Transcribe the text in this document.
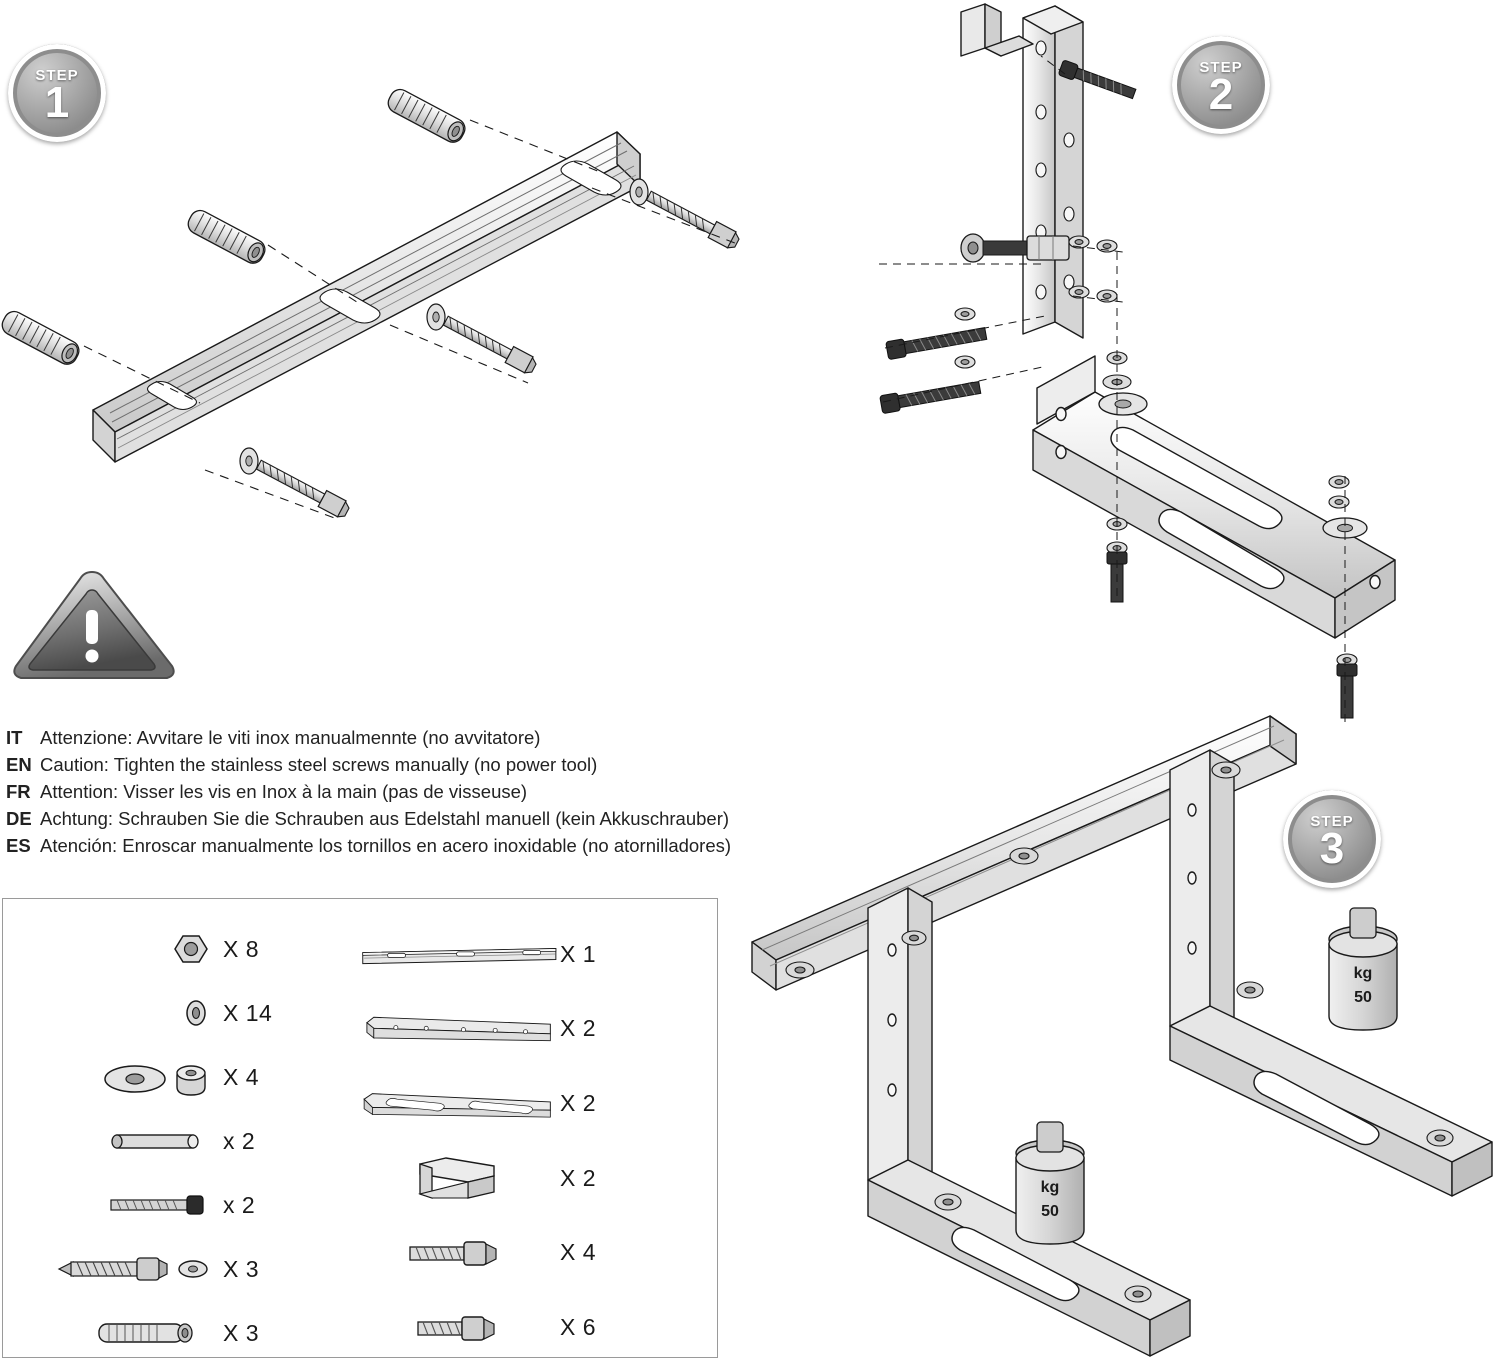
STEP
1
STEP
2
STEP
3
IT Attenzione: Avvitare le viti inox manualmennte (no avvitatore)
EN Caution: Tighten the stainless steel screws manually (no power tool)
FR Attention: Visser les vis en Inox à la main (pas de visseuse)
DE Achtung: Schrauben Sie die Schrauben aus Edelstahl manuell (kein Akkuschrauber)
ES Atención: Enroscar manualmente los tornillos en acero inoxidable (no atornilladores)
X 8
X 14
X 4
x 2
x 2
X 3
X 3
X 1
X 2
X 2
X 2
X 4
X 6
kg
50
kg
50
